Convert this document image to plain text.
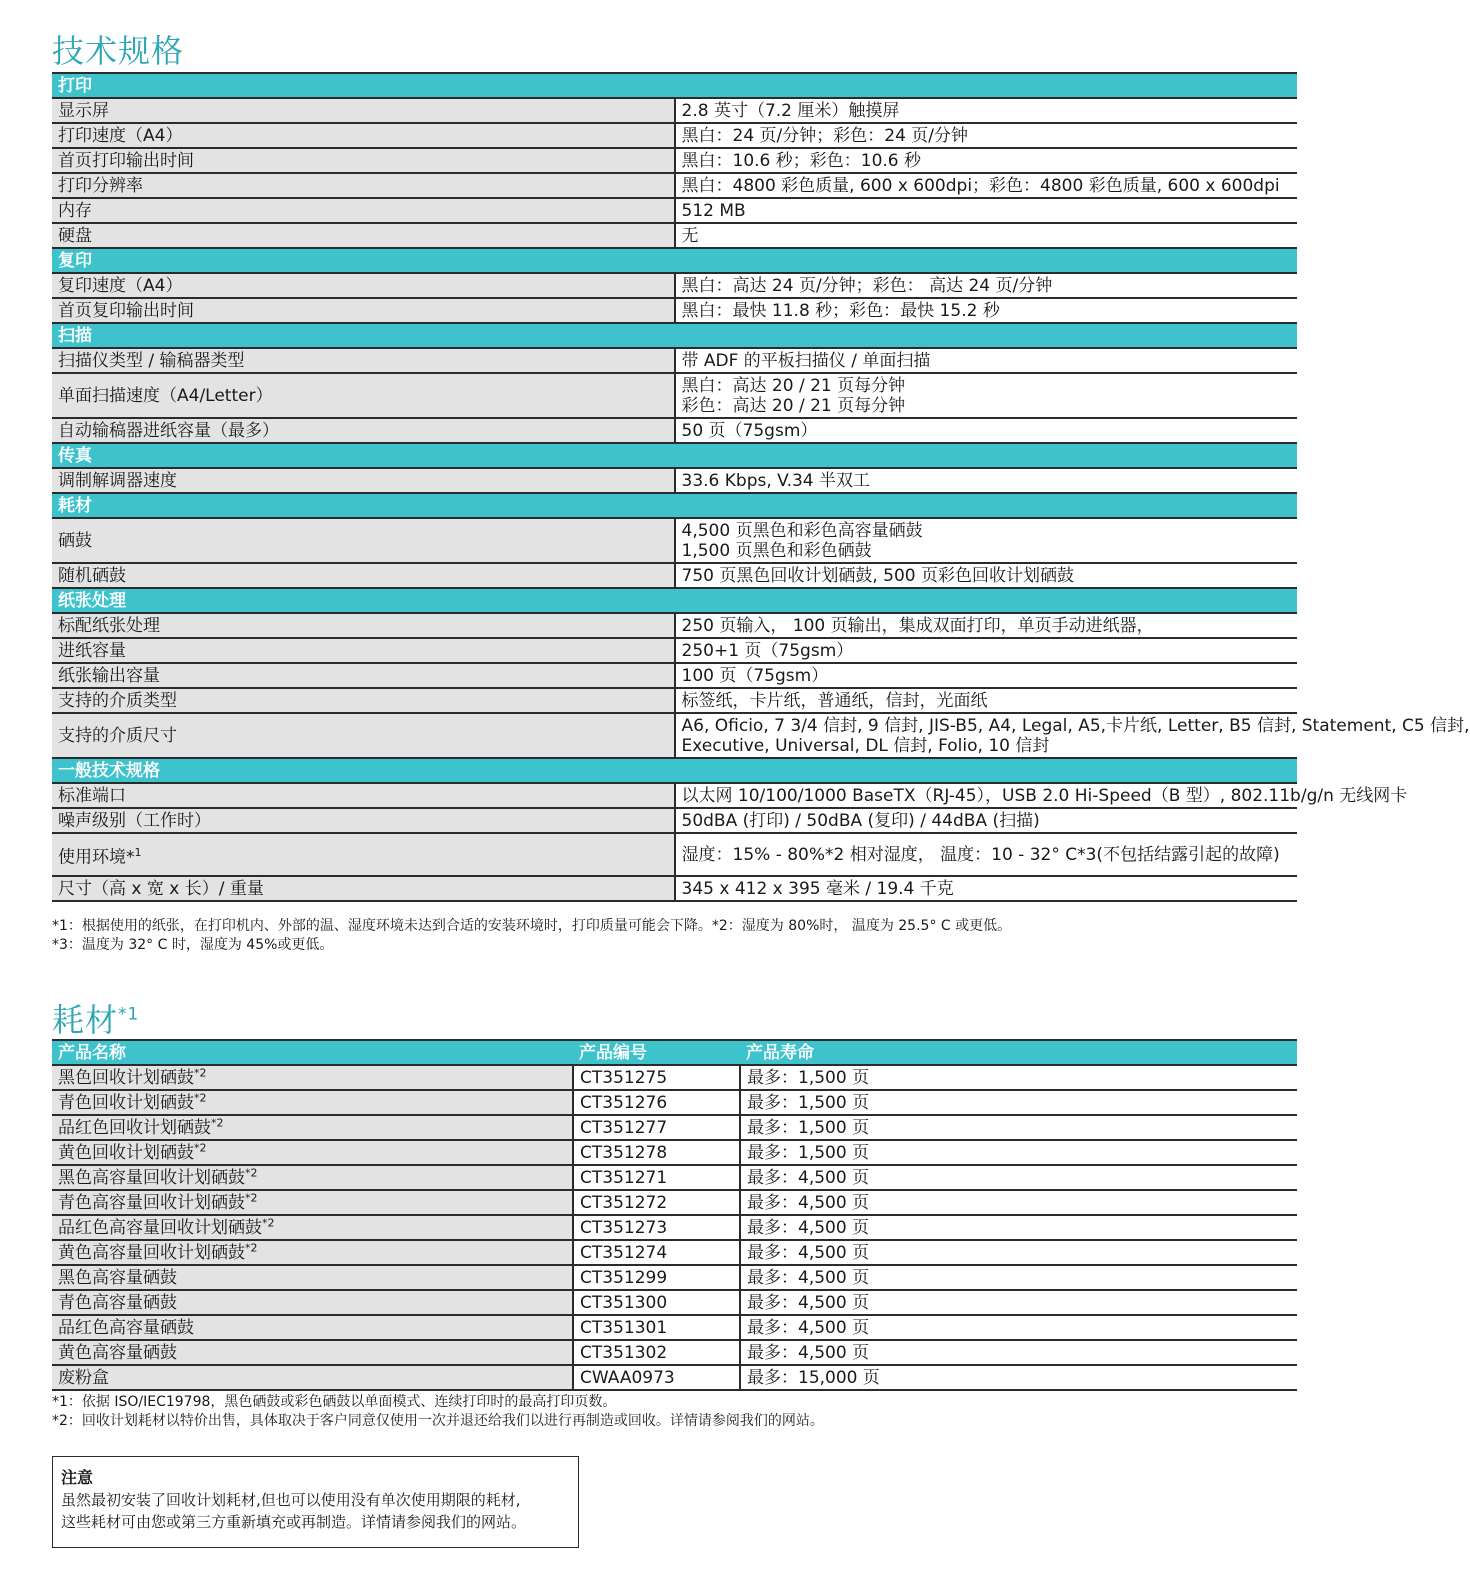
技术规格
打印	
显示屏	2.8 英寸（7.2 厘米）触摸屏

打印速度（A4）	黑白：24 页/分钟；彩色：24 页/分钟

首页打印输出时间	黑白：10.6 秒；彩色：10.6 秒

打印分辨率	黑白：4800 彩色质量, 600 x 600dpi；彩色：4800 彩色质量, 600 x 600dpi

内存	512 MB

硬盘	无

复印	
复印速度（A4）	黑白：高达 24 页/分钟；彩色： 高达 24 页/分钟

首页复印输出时间	黑白：最快 11.8 秒；彩色：最快 15.2 秒

扫描	
扫描仪类型 / 输稿器类型	带 ADF 的平板扫描仪 / 单面扫描

单面扫描速度（A4/Letter）	黑白：高达 20 / 21 页每分钟
彩色：高达 20 / 21 页每分钟

自动输稿器进纸容量（最多）	50 页（75gsm）

传真	
调制解调器速度	33.6 Kbps, V.34 半双工

耗材	
硒鼓	4,500 页黑色和彩色高容量硒鼓
1,500 页黑色和彩色硒鼓

随机硒鼓	750 页黑色回收计划硒鼓, 500 页彩色回收计划硒鼓

纸张处理	
标配纸张处理	250 页输入， 100 页输出，集成双面打印，单页手动进纸器，

进纸容量	250+1 页（75gsm）

纸张输出容量	100 页（75gsm）

支持的介质类型	标签纸，卡片纸，普通纸，信封，光面纸

支持的介质尺寸	A6, Oficio, 7 3/4 信封, 9 信封, JIS-B5, A4, Legal, A5,卡片纸, Letter, B5 信封, Statement, C5 信封,
Executive, Universal, DL 信封, Folio, 10 信封

一般技术规格	
标准端口	以太网 10/100/1000 BaseTX（RJ-45），USB 2.0 Hi-Speed（B 型）, 802.11b/g/n 无线网卡

噪声级别（工作时）	50dBA (打印) / 50dBA (复印) / 44dBA (扫描)

使用环境*$^1$	湿度：15% - 80%*2 相对湿度， 温度：10 - 32° C*3(不包括结露引起的故障)

尺寸（高 x 宽 x 长）/ 重量	345 x 412 x 395 毫米 / 19.4 千克
*1：根据使用的纸张，在打印机内、外部的温、湿度环境未达到合适的安装环境时，打印质量可能会下降。*2：湿度为 80%时， 温度为 25.5° C 或更低。
*3：温度为 32° C 时，湿度为 45%或更低。
耗材$^{*1}$
产品名称	产品编号	产品寿命
黑色回收计划硒鼓$^{*2}$	CT351275	最多：1,500 页
青色回收计划硒鼓$^{*2}$	CT351276	最多：1,500 页
品红色回收计划硒鼓$^{*2}$	CT351277	最多：1,500 页
黄色回收计划硒鼓$^{*2}$	CT351278	最多：1,500 页
黑色高容量回收计划硒鼓$^{*2}$	CT351271	最多：4,500 页
青色高容量回收计划硒鼓$^{*2}$	CT351272	最多：4,500 页
品红色高容量回收计划硒鼓$^{*2}$	CT351273	最多：4,500 页
黄色高容量回收计划硒鼓$^{*2}$	CT351274	最多：4,500 页
黑色高容量硒鼓	CT351299	最多：4,500 页
青色高容量硒鼓	CT351300	最多：4,500 页
品红色高容量硒鼓	CT351301	最多：4,500 页
黄色高容量硒鼓	CT351302	最多：4,500 页
废粉盒	CWAA0973	最多：15,000 页
*1：依据 ISO/IEC19798，黑色硒鼓或彩色硒鼓以单面模式、连续打印时的最高打印页数。
*2：回收计划耗材以特价出售，具体取决于客户同意仅使用一次并退还给我们以进行再制造或回收。详情请参阅我们的网站。
注意
虽然最初安装了回收计划耗材,但也可以使用没有单次使用期限的耗材,
这些耗材可由您或第三方重新填充或再制造。详情请参阅我们的网站。
